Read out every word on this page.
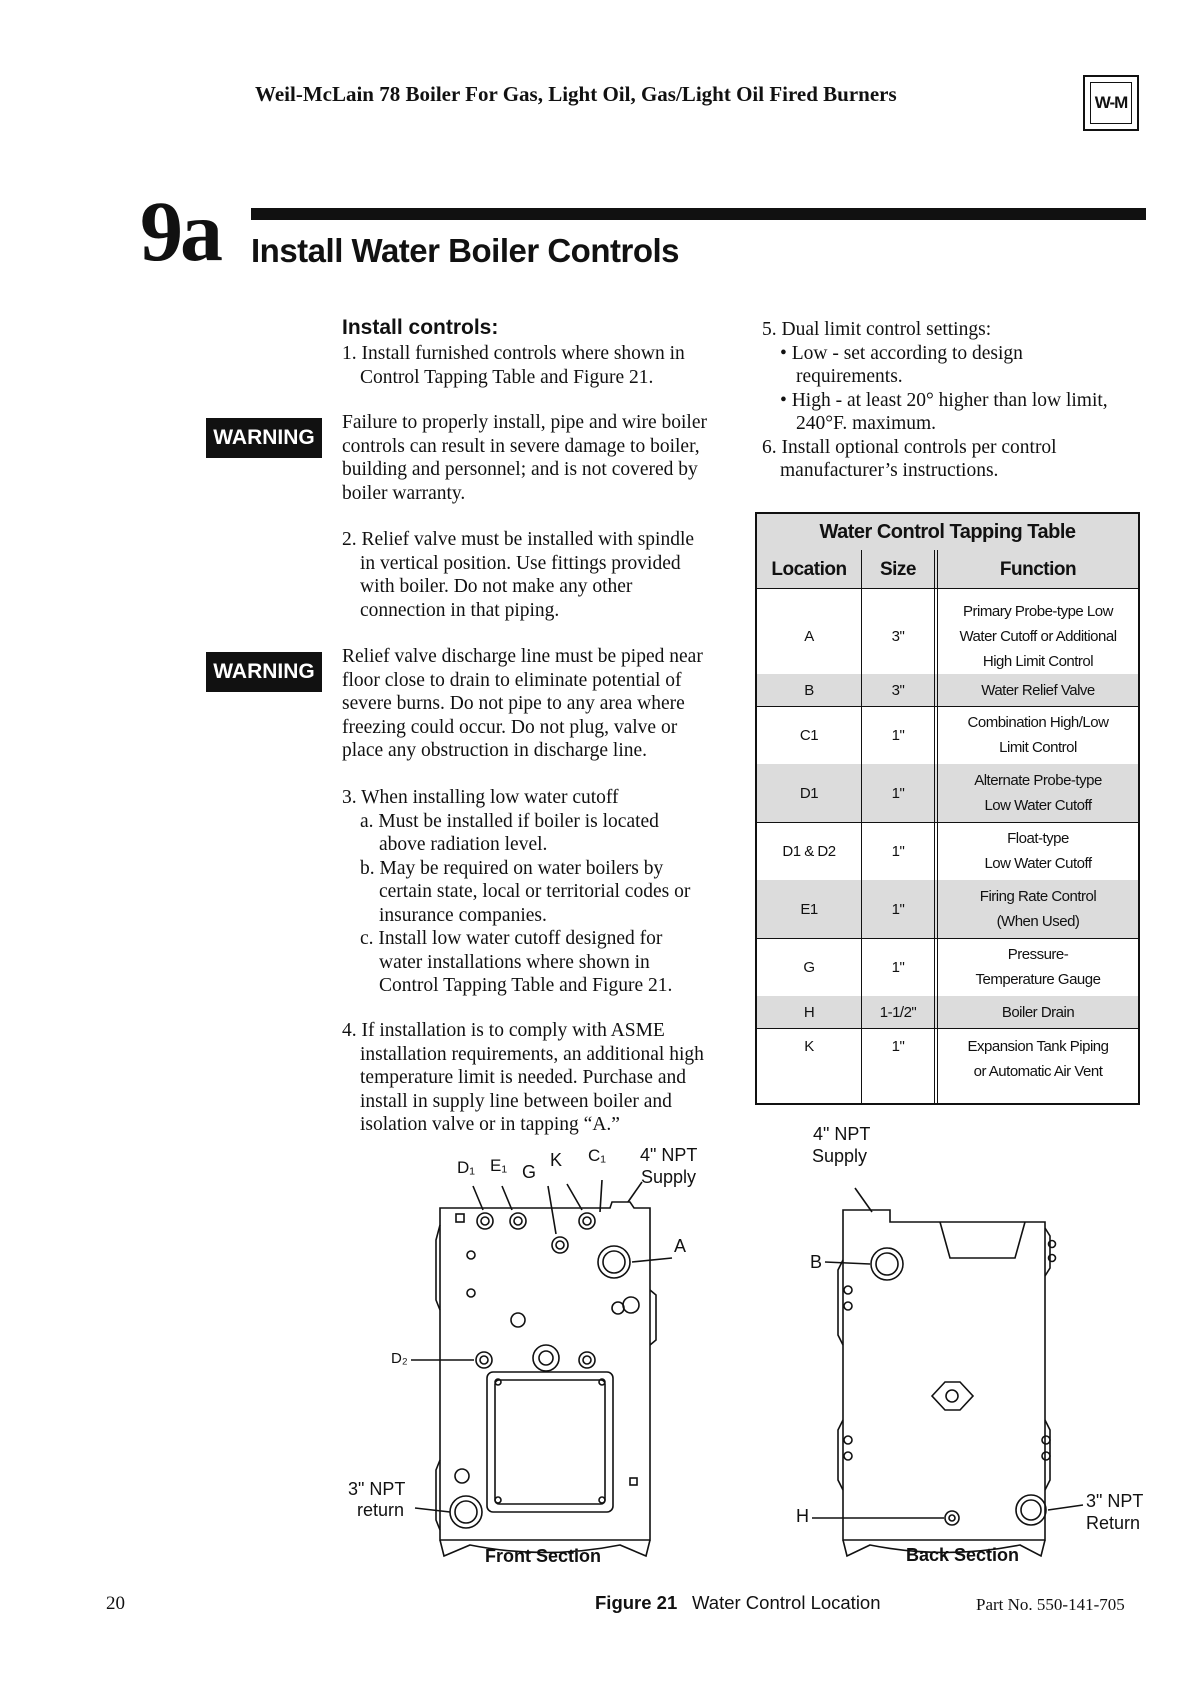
Weil-McLain 78 Boiler For Gas, Light Oil, Gas/Light Oil Fired Burners	W-M
9a Install Water Boiler Controls
Install controls:
1. Install furnished controls where shown in
Control Tapping Table and Figure 21.
WARNING
Failure to properly install, pipe and wire boiler
controls can result in severe damage to boiler,
building and personnel; and is not covered by
boiler warranty.
2. Relief valve must be installed with spindle
in vertical position. Use fittings provided
with boiler. Do not make any other
connection in that piping.
WARNING
Relief valve discharge line must be piped near
floor close to drain to eliminate potential of
severe burns. Do not pipe to any area where
freezing could occur. Do not plug, valve or
place any obstruction in discharge line.
3. When installing low water cutoff
a. Must be installed if boiler is located
above radiation level.
b. May be required on water boilers by
certain state, local or territorial codes or
insurance companies.
c. Install low water cutoff designed for
water installations where shown in
Control Tapping Table and Figure 21.
4. If installation is to comply with ASME
installation requirements, an additional high
temperature limit is needed. Purchase and
install in supply line between boiler and
isolation valve or in tapping “A.”
5. Dual limit control settings:
• Low - set according to design
requirements.
• High - at least 20° higher than low limit,
240°F. maximum.
6. Install optional controls per control
manufacturer’s instructions.
Water Control Tapping Table
Location	Size	Function
A	3"
Primary Probe-type Low
Water Cutoff or Additional
High Limit Control
B	3"	Water Relief Valve
C1	1"
Combination High/Low
Limit Control
D1	1"
Alternate Probe-type
Low Water Cutoff
D1 & D2	1"
Float-type
Low Water Cutoff
E1	1"
Firing Rate Control
(When Used)
G	1"
Pressure-
Temperature Gauge
H	1-1/2"	Boiler Drain
K	1"	Expansion Tank Piping
or Automatic Air Vent
D₁ E₁ G
K C₁ 4" NPT
Supply
A
D₂
3" NPT
return
4" NPT
Supply
B
H
3" NPT
Return
Front Section	Back Section
Figure 21 Water Control Location
20	Part No. 550-141-705
